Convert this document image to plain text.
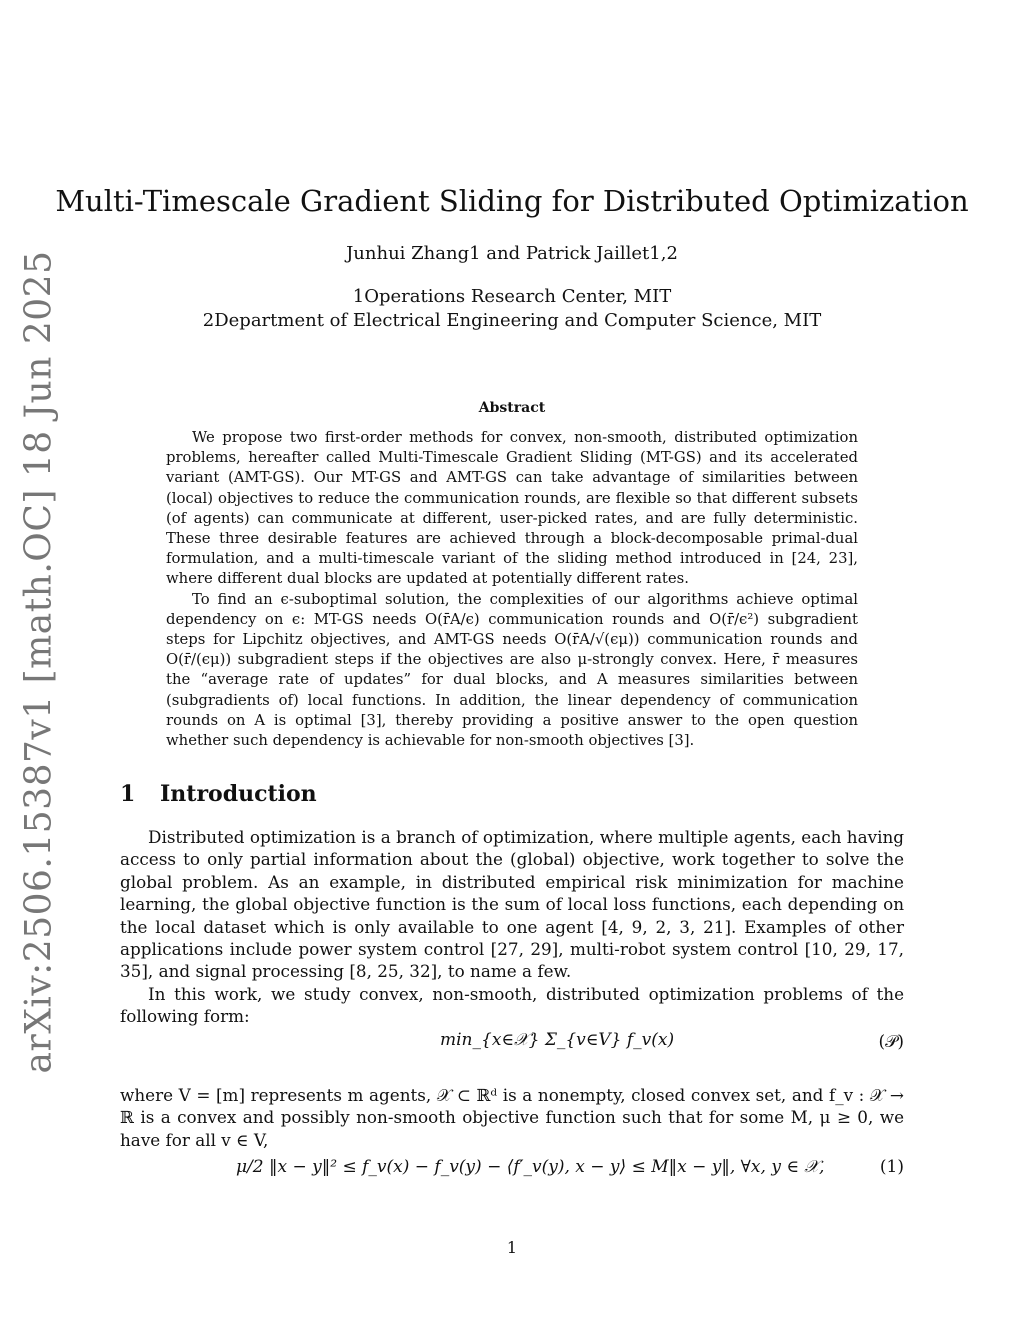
arXiv:2506.15387v1 [math.OC] 18 Jun 2025
Multi-Timescale Gradient Sliding for Distributed Optimization
Junhui Zhang1 and Patrick Jaillet1,2
1Operations Research Center, MIT
2Department of Electrical Engineering and Computer Science, MIT
Abstract

We propose two first-order methods for convex, non-smooth, distributed optimization problems, hereafter called Multi-Timescale Gradient Sliding (MT-GS) and its accelerated variant (AMT-GS). Our MT-GS and AMT-GS can take advantage of similarities between (local) objectives to reduce the communication rounds, are flexible so that different subsets (of agents) can communicate at different, user-picked rates, and are fully deterministic. These three desirable features are achieved through a block-decomposable primal-dual formulation, and a multi-timescale variant of the sliding method introduced in [24, 23], where different dual blocks are updated at potentially different rates.

To find an ϵ-suboptimal solution, the complexities of our algorithms achieve optimal dependency on ϵ: MT-GS needs O(r̄A/ϵ) communication rounds and O(r̄/ϵ²) subgradient steps for Lipchitz objectives, and AMT-GS needs O(r̄A/√(ϵμ)) communication rounds and O(r̄/(ϵμ)) subgradient steps if the objectives are also μ-strongly convex. Here, r̄ measures the “average rate of updates” for dual blocks, and A measures similarities between (subgradients of) local functions. In addition, the linear dependency of communication rounds on A is optimal [3], thereby providing a positive answer to the open question whether such dependency is achievable for non-smooth objectives [3].

1 Introduction

Distributed optimization is a branch of optimization, where multiple agents, each having access to only partial information about the (global) objective, work together to solve the global problem. As an example, in distributed empirical risk minimization for machine learning, the global objective function is the sum of local loss functions, each depending on the local dataset which is only available to one agent [4, 9, 2, 3, 21]. Examples of other applications include power system control [27, 29], multi-robot system control [10, 29, 17, 35], and signal processing [8, 25, 32], to name a few.

In this work, we study convex, non-smooth, distributed optimization problems of the following form:

min_{x∈𝒳} Σ_{v∈V} f_v(x)	(𝒫)

where V = [m] represents m agents, 𝒳 ⊂ ℝᵈ is a nonempty, closed convex set, and f_v : 𝒳 → ℝ is a convex and possibly non-smooth objective function such that for some M, μ ≥ 0, we have for all v ∈ V,

μ/2 ‖x − y‖² ≤ f_v(x) − f_v(y) − ⟨f′_v(y), x − y⟩ ≤ M‖x − y‖, ∀x, y ∈ 𝒳,	(1)
1
